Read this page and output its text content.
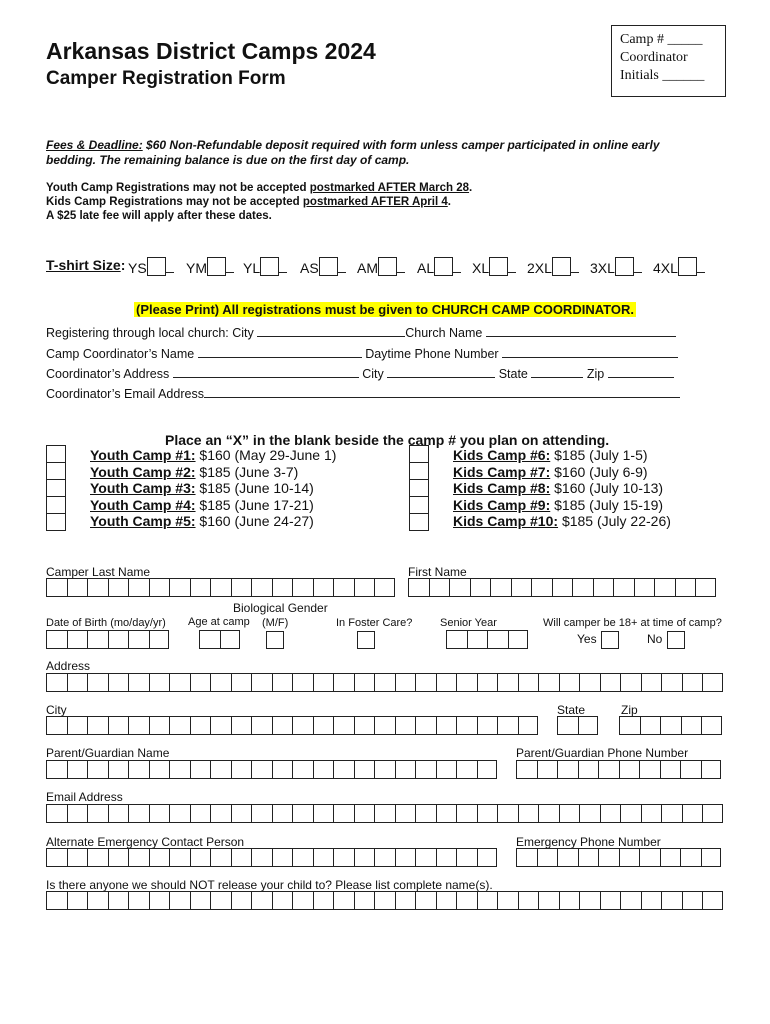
Arkansas District Camps 2024
Camper Registration Form
Camp # _____
Coordinator
Initials ______
Fees & Deadline: $60 Non-Refundable deposit required with form unless camper participated in online early
bedding. The remaining balance is due on the first day of camp.
Youth Camp Registrations may not be accepted postmarked AFTER March 28.
Kids Camp Registrations may not be accepted postmarked AFTER April 4.
A $25 late fee will apply after these dates.
T-shirt Size: YS	YM	YL	AS	AM	AL	XL	2XL	3XL	4XL
(Please Print) All registrations must be given to CHURCH CAMP COORDINATOR.
Registering through local church: City	Church Name
Camp Coordinator’s Name	Daytime Phone Number
Coordinator’s Address	City	State	Zip
Coordinator’s Email Address
Place an “X” in the blank beside the camp # you plan on attending.
Youth Camp #1: $160 (May 29-June 1)
Youth Camp #2: $185 (June 3-7)
Youth Camp #3: $185 (June 10-14)
Youth Camp #4: $185 (June 17-21)
Youth Camp #5: $160 (June 24-27)
Kids Camp #6: $185 (July 1-5)
Kids Camp #7: $160 (July 6-9)
Kids Camp #8: $160 (July 10-13)
Kids Camp #9: $185 (July 15-19)
Kids Camp #10: $185 (July 22-26)
Camper Last Name	First Name
Biological Gender
Date of Birth (mo/day/yr) Age at camp (M/F)	In Foster Care?	Senior Year	Will camper be 18+ at time of camp?
Yes	No
Address
City	State	Zip
Parent/Guardian Name	Parent/Guardian Phone Number
Email Address
Alternate Emergency Contact Person	Emergency Phone Number
Is there anyone we should NOT release your child to? Please list complete name(s).
